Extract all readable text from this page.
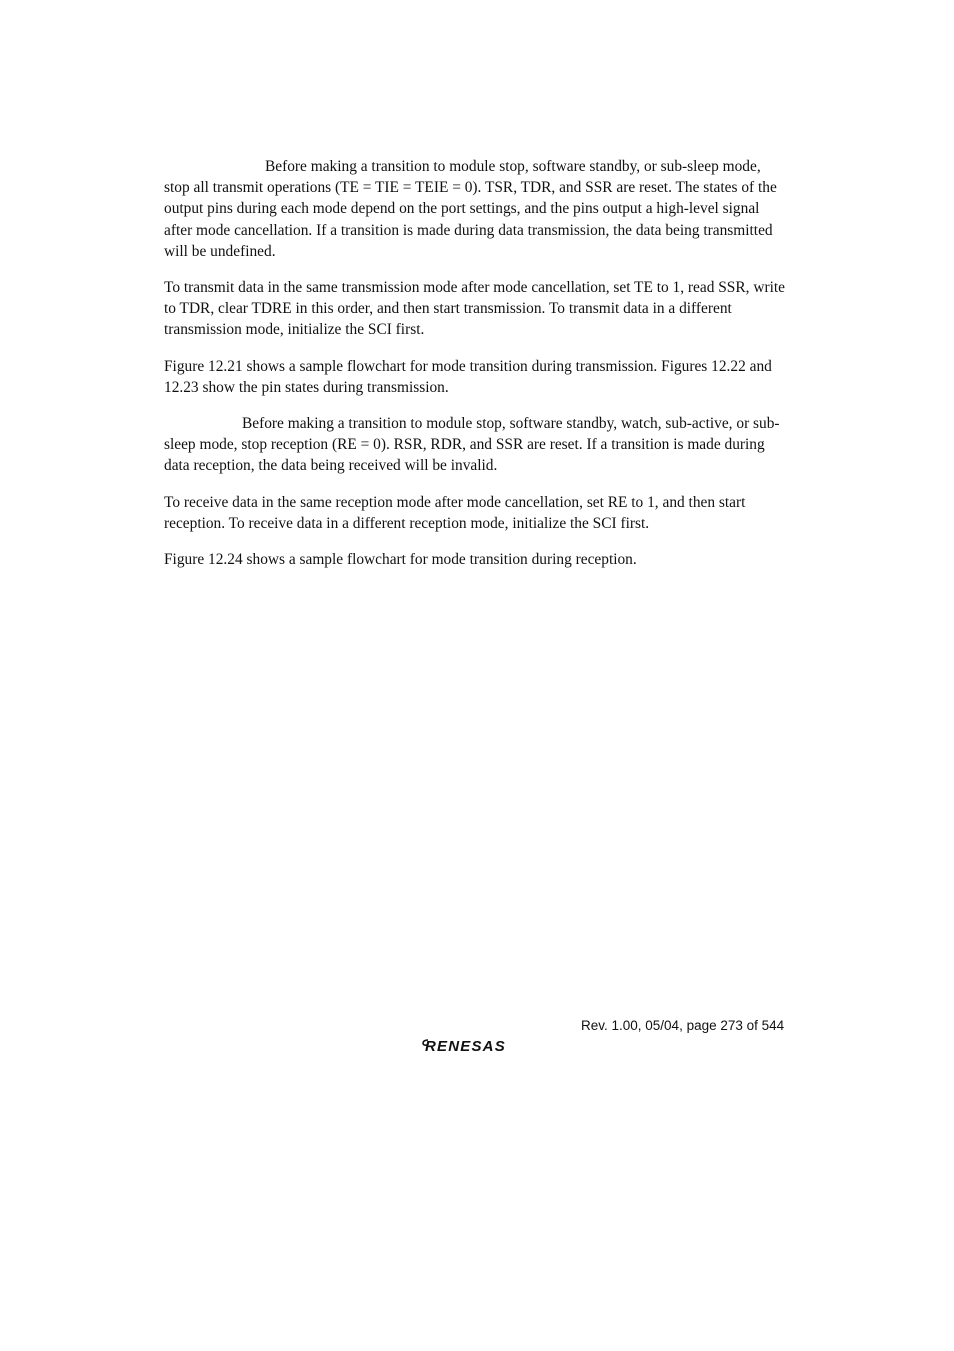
Before making a transition to module stop, software standby, or sub-sleep mode, stop all transmit operations (TE = TIE = TEIE = 0). TSR, TDR, and SSR are reset. The states of the output pins during each mode depend on the port settings, and the pins output a high-level signal after mode cancellation. If a transition is made during data transmission, the data being transmitted will be undefined.

To transmit data in the same transmission mode after mode cancellation, set TE to 1, read SSR, write to TDR, clear TDRE in this order, and then start transmission. To transmit data in a different transmission mode, initialize the SCI first.

Figure 12.21 shows a sample flowchart for mode transition during transmission. Figures 12.22 and 12.23 show the pin states during transmission.

Before making a transition to module stop, software standby, watch, sub-active, or sub-sleep mode, stop reception (RE = 0). RSR, RDR, and SSR are reset. If a transition is made during data reception, the data being received will be invalid.

To receive data in the same reception mode after mode cancellation, set RE to 1, and then start reception. To receive data in a different reception mode, initialize the SCI first.

Figure 12.24 shows a sample flowchart for mode transition during reception.

Rev. 1.00, 05/04, page 273 of 544
RENESAS
